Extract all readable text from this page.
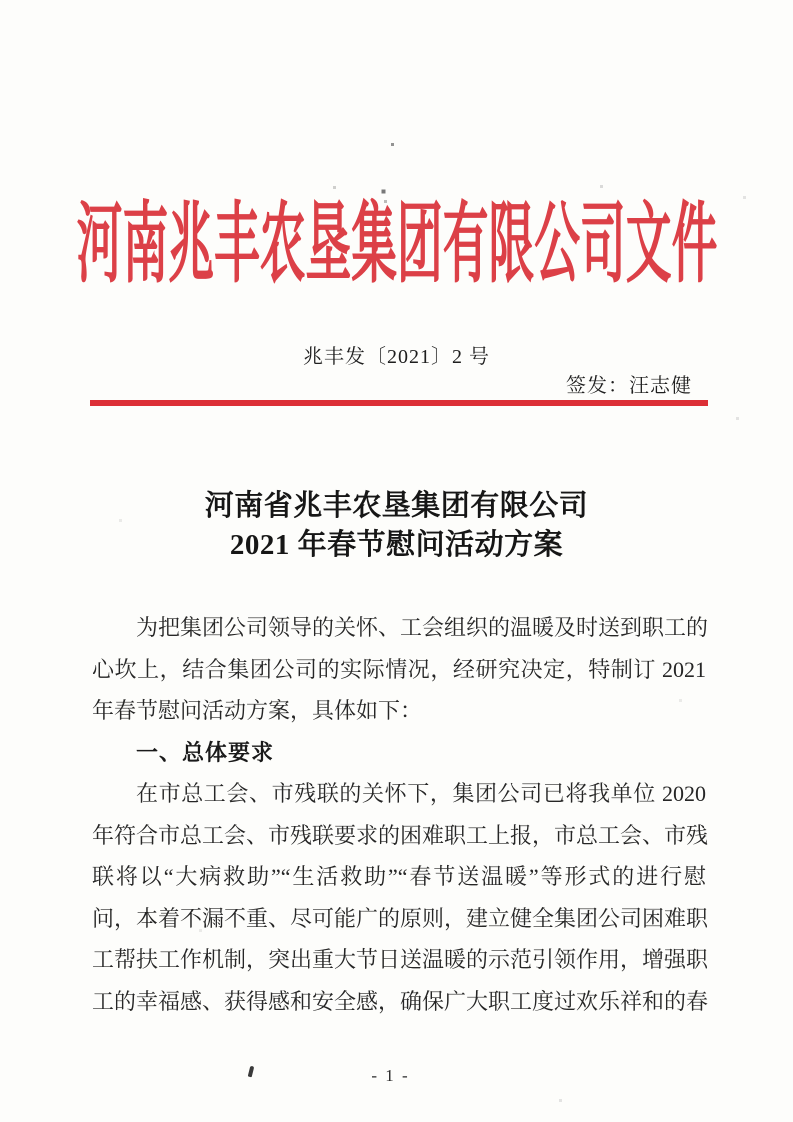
河南兆丰农垦集团有限公司文件
兆丰发〔2021〕2 号
签发：汪志健
河南省兆丰农垦集团有限公司
2021 年春节慰问活动方案
为把集团公司领导的关怀、工会组织的温暖及时送到职工的
心坎上，结合集团公司的实际情况，经研究决定，特制订 2021
年春节慰问活动方案，具体如下：
一、总体要求
在市总工会、市残联的关怀下，集团公司已将我单位 2020
年符合市总工会、市残联要求的困难职工上报，市总工会、市残
联将以“大病救助”“生活救助”“春节送温暖”等形式的进行慰
问，本着不漏不重、尽可能广的原则，建立健全集团公司困难职
工帮扶工作机制，突出重大节日送温暖的示范引领作用，增强职
工的幸福感、获得感和安全感，确保广大职工度过欢乐祥和的春
- 1 -
